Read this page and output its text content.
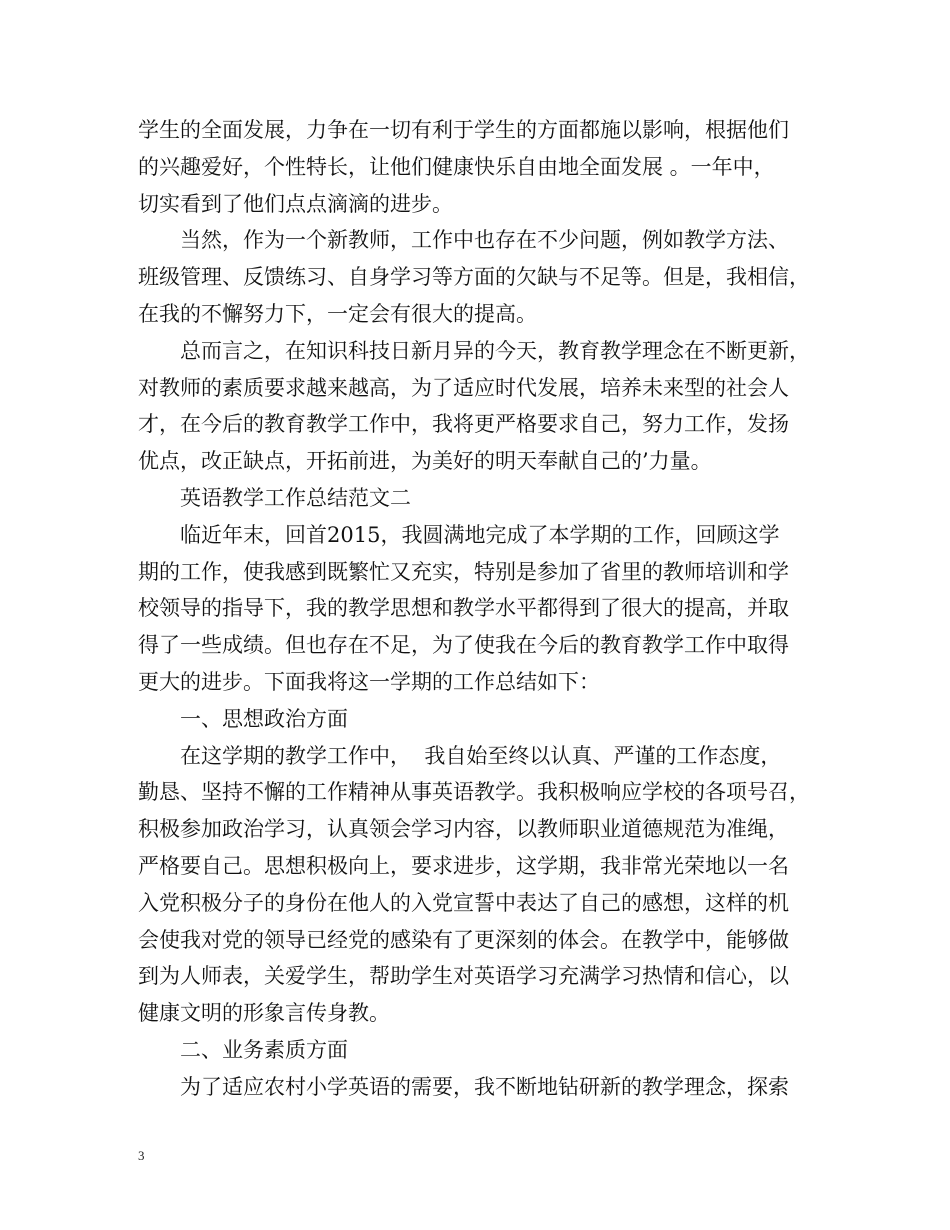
学生的全面发展，力争在一切有利于学生的方面都施以影响，根据他们
的兴趣爱好，个性特长，让他们健康快乐自由地全面发展 。一年中，
切实看到了他们点点滴滴的进步。
当然，作为一个新教师，工作中也存在不少问题，例如教学方法、
班级管理、反馈练习、自身学习等方面的欠缺与不足等。但是，我相信，
在我的不懈努力下，一定会有很大的提高。
总而言之，在知识科技日新月异的今天，教育教学理念在不断更新，
对教师的素质要求越来越高，为了适应时代发展，培养未来型的社会人
才，在今后的教育教学工作中，我将更严格要求自己，努力工作，发扬
优点，改正缺点，开拓前进，为美好的明天奉献自己的’力量。
英语教学工作总结范文二
临近年末，回首2015，我圆满地完成了本学期的工作，回顾这学
期的工作，使我感到既繁忙又充实，特别是参加了省里的教师培训和学
校领导的指导下，我的教学思想和教学水平都得到了很大的提高，并取
得了一些成绩。但也存在不足，为了使我在今后的教育教学工作中取得
更大的进步。下面我将这一学期的工作总结如下：
一、思想政治方面
在这学期的教学工作中，  我自始至终以认真、严谨的工作态度，
勤恳、坚持不懈的工作精神从事英语教学。我积极响应学校的各项号召，
积极参加政治学习，认真领会学习内容，以教师职业道德规范为准绳，
严格要自己。思想积极向上，要求进步，这学期，我非常光荣地以一名
入党积极分子的身份在他人的入党宣誓中表达了自己的感想，这样的机
会使我对党的领导已经党的感染有了更深刻的体会。在教学中，能够做
到为人师表，关爱学生，帮助学生对英语学习充满学习热情和信心，以
健康文明的形象言传身教。
二、业务素质方面
为了适应农村小学英语的需要，我不断地钻研新的教学理念，探索
3
